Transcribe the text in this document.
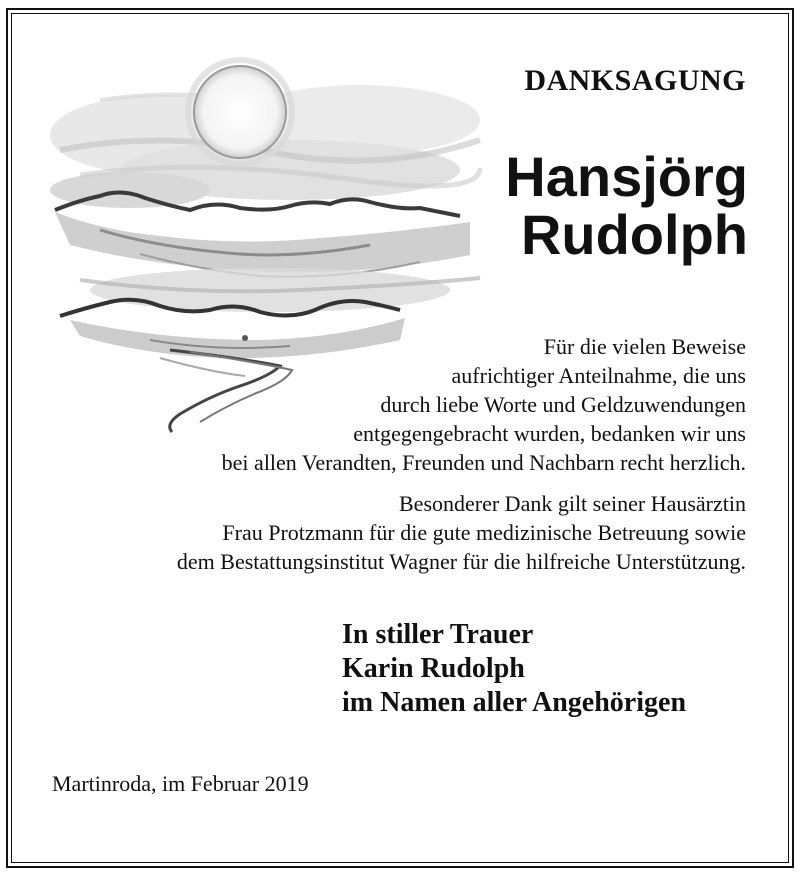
DANKSAGUNG
Hansjörg
Rudolph
Für die vielen Beweise
aufrichtiger Anteilnahme, die uns
durch liebe Worte und Geldzuwendungen
entgegengebracht wurden, bedanken wir uns
bei allen Verandten, Freunden und Nachbarn recht herzlich.
Besonderer Dank gilt seiner Hausärztin
Frau Protzmann für die gute medizinische Betreuung sowie
dem Bestattungsinstitut Wagner für die hilfreiche Unterstützung.
In stiller Trauer
Karin Rudolph
im Namen aller Angehörigen
Martinroda, im Februar 2019
